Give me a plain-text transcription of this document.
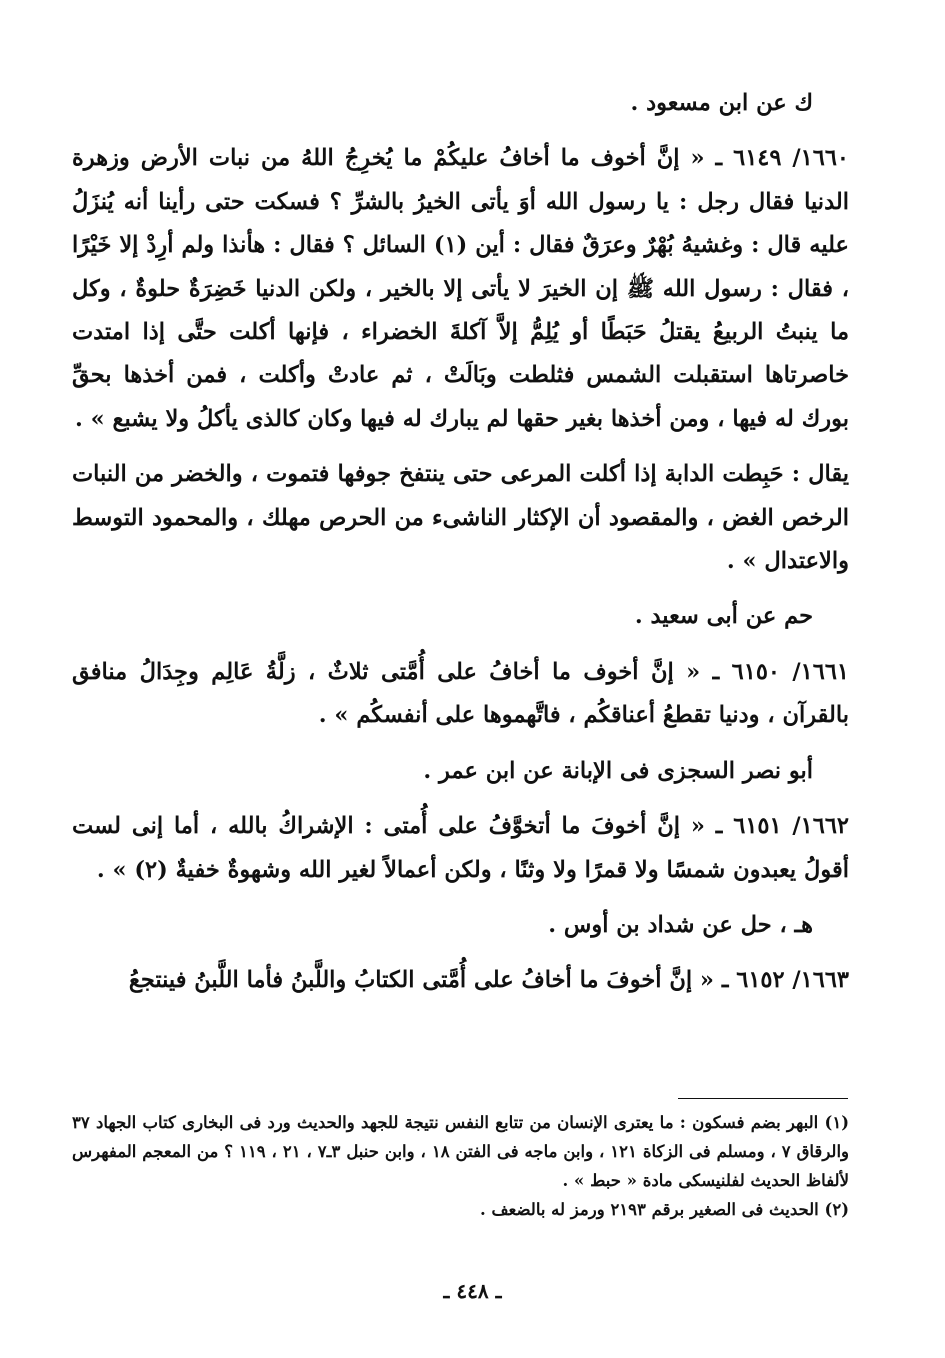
ك عن ابن مسعود .

١٦٦٠/ ٦١٤٩ ـ « إنَّ أخوف ما أخافُ عليكُمْ ما يُخرِجُ اللهُ من نبات الأرض وزهرة الدنيا فقال رجل : يا رسول الله أوَ يأتى الخيرُ بالشرِّ ؟ فسكت حتى رأينا أنه يُنزَلُ عليه قال : وغشيهُ بُهْرٌ وعرَقٌ فقال : أين (١) السائل ؟ فقال : هأنذا ولم أرِدْ إلا خَيْرًا ، فقال : رسول الله ﷺ إن الخيرَ لا يأتى إلا بالخير ، ولكن الدنيا خَضِرَةٌ حلوةٌ ، وكل ما ينبتُ الربيعُ يقتلُ حَبَطًا أو يُلِمُّ إلاَّ آكلةَ الخضراء ، فإنها أكلت حتَّى إذا امتدت خاصرتاها استقبلت الشمس فثلطت وبَالَتْ ، ثم عادتْ وأكلت ، فمن أخذها بحقِّ بورك له فيها ، ومن أخذها بغير حقها لم يبارك له فيها وكان كالذى يأكلُ ولا يشبع » .

يقال : حَبِطت الدابة إذا أكلت المرعى حتى ينتفخ جوفها فتموت ، والخضر من النبات الرخص الغض ، والمقصود أن الإكثار الناشىء من الحرص مهلك ، والمحمود التوسط والاعتدال » .

حم عن أبى سعيد .

١٦٦١/ ٦١٥٠ ـ « إنَّ أخوف ما أخافُ على أُمَّتى ثلاثٌ ، زلَّةُ عَالِم وجِدَالُ منافق بالقرآن ، ودنيا تقطعُ أعناقكُم ، فاتَّهموها على أنفسكُم » .

أبو نصر السجزى فى الإبانة عن ابن عمر .

١٦٦٢/ ٦١٥١ ـ « إنَّ أخوفَ ما أتخوَّفُ على أُمتى : الإشراكُ بالله ، أما إنى لست أقولُ يعبدون شمسًا ولا قمرًا ولا وثنًا ، ولكن أعمالاً لغير الله وشهوةٌ خفيةٌ (٢) » .

هـ ، حل عن شداد بن أوس .

١٦٦٣/ ٦١٥٢ ـ « إنَّ أخوفَ ما أخافُ على أُمَّتى الكتابُ واللَّبنُ فأما اللَّبنُ فينتجعُ

(١) البهر بضم فسكون : ما يعترى الإنسان من تتابع النفس نتيجة للجهد والحديث ورد فى البخارى كتاب الجهاد ٣٧ والرقاق ٧ ، ومسلم فى الزكاة ١٢١ ، وابن ماجه فى الفتن ١٨ ، وابن حنبل ٣ـ٧ ، ٢١ ، ١١٩ ؟ من المعجم المفهرس لألفاظ الحديث لفلنيسكى مادة « حبط » .

(٢) الحديث فى الصغير برقم ٢١٩٣ ورمز له بالضعف .

ـ ٤٤٨ ـ
